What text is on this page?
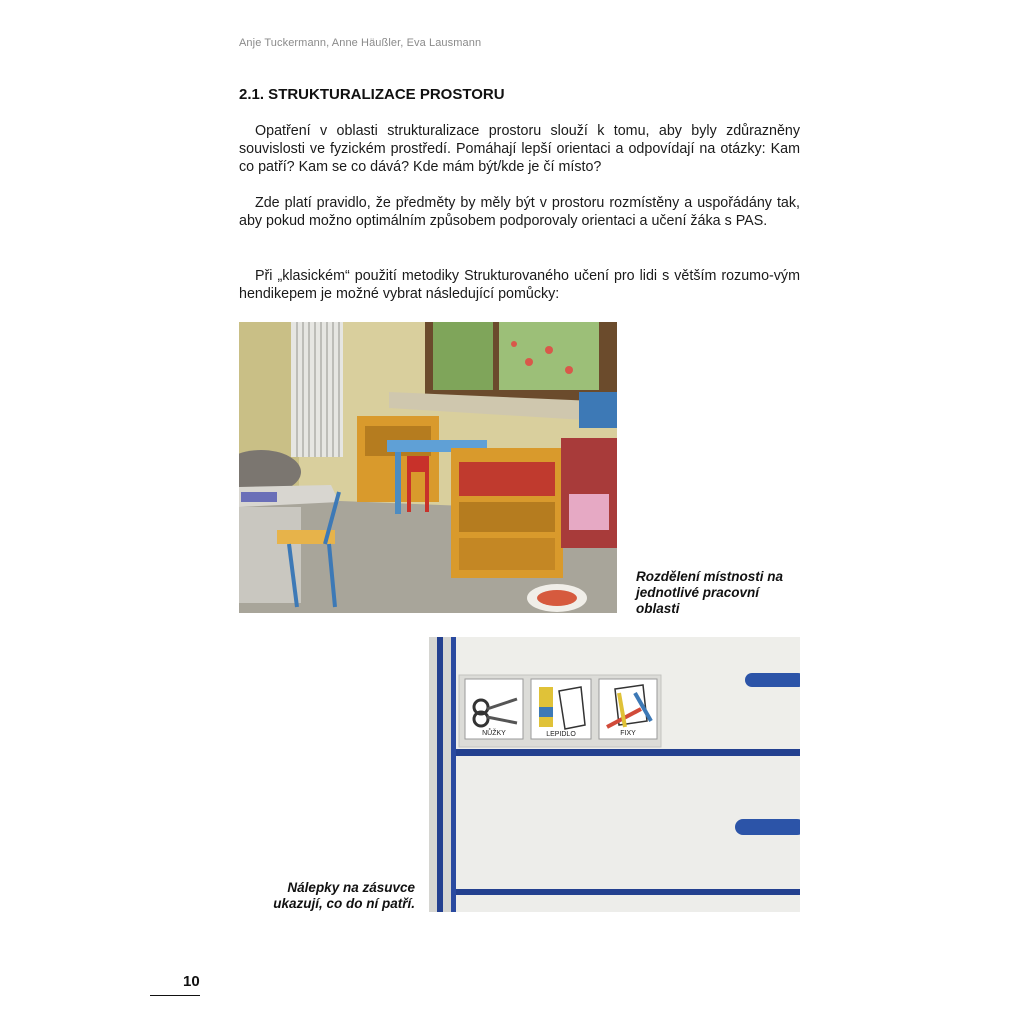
Anje Tuckermann, Anne Häußler, Eva Lausmann
2.1. STRUKTURALIZACE PROSTORU

Opatření v oblasti strukturalizace prostoru slouží k tomu, aby byly zdůrazněny souvislosti ve fyzickém prostředí. Pomáhají lepší orientaci a odpovídají na otázky: Kam co patří? Kam se co dává? Kde mám být/kde je čí místo?

Zde platí pravidlo, že předměty by měly být v prostoru rozmístěny a uspořádány tak, aby pokud možno optimálním způsobem podporovaly orientaci a učení žáka s PAS.

Při „klasickém“ použití metodiky Strukturovaného učení pro lidi s větším rozumo-vým hendikepem je možné vybrat následující pomůcky:

Rozdělení místnosti na jednotlivé pracovní oblasti
NŮŽKY	LEPIDLO	FIXY
Nálepky na zásuvce ukazují, co do ní patří.
10
